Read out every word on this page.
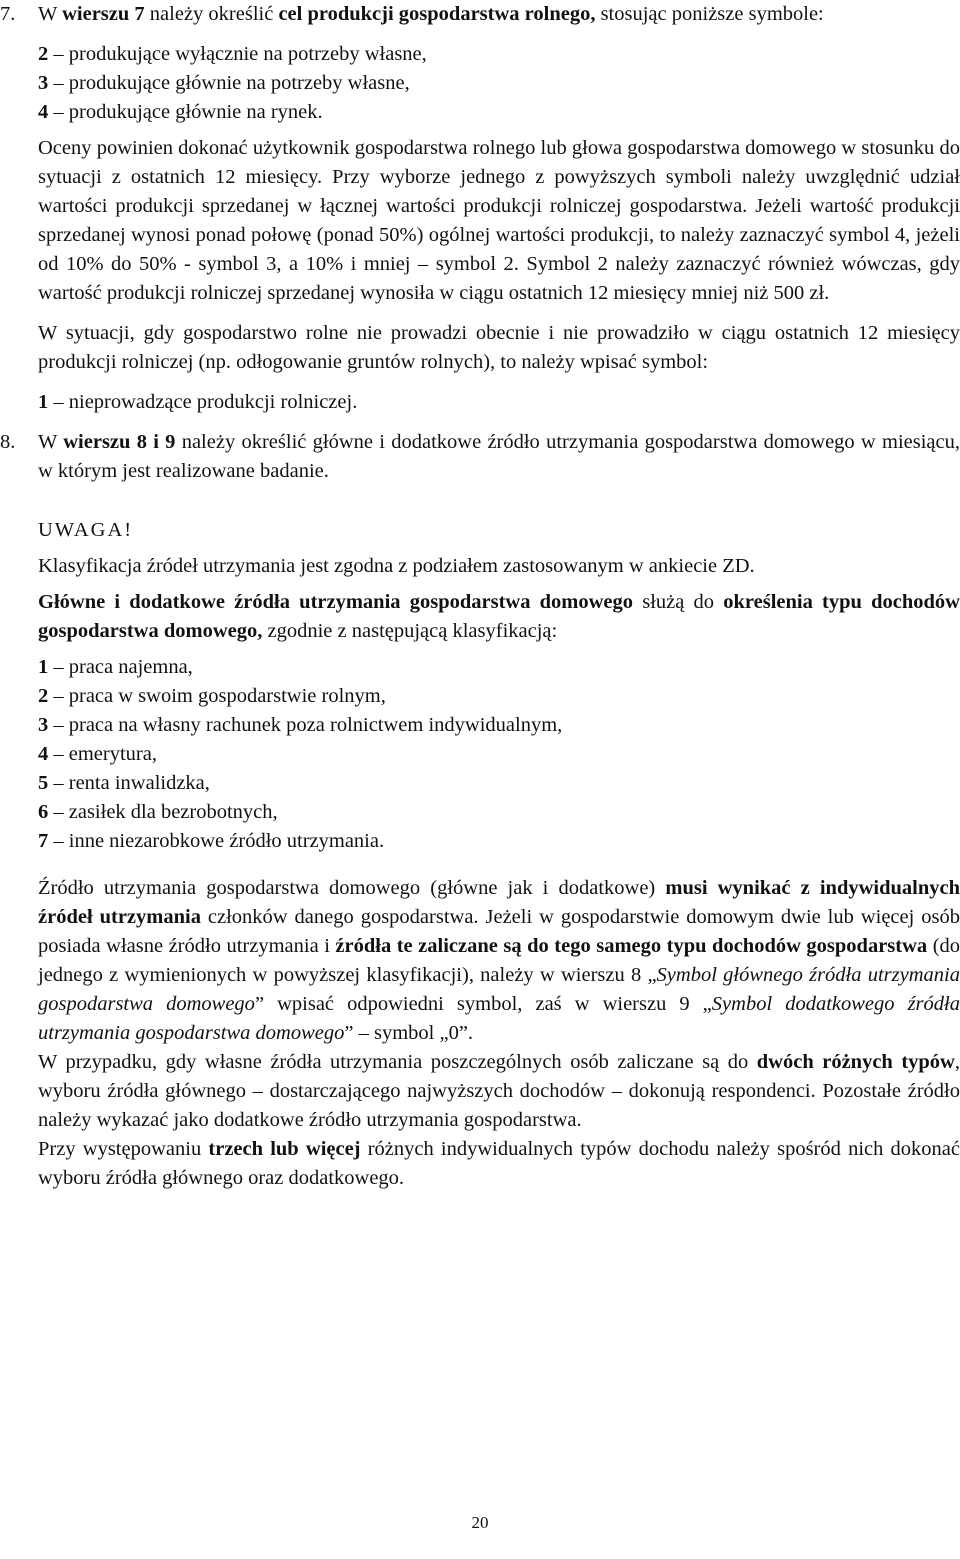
7.	W wierszu 7 należy określić cel produkcji gospodarstwa rolnego, stosując poniższe symbole:

2 – produkujące wyłącznie na potrzeby własne,

3 – produkujące głównie na potrzeby własne,

4 – produkujące głównie na rynek.

Oceny powinien dokonać użytkownik gospodarstwa rolnego lub głowa gospodarstwa domowego w stosunku do sytuacji z ostatnich 12 miesięcy. Przy wyborze jednego z powyższych symboli należy uwzględnić udział wartości produkcji sprzedanej w łącznej wartości produkcji rolniczej gospodarstwa. Jeżeli wartość produkcji sprzedanej wynosi ponad połowę (ponad 50%) ogólnej wartości produkcji, to należy zaznaczyć symbol 4, jeżeli od 10% do 50% - symbol 3, a 10% i mniej – symbol 2. Symbol 2 należy zaznaczyć również wówczas, gdy wartość produkcji rolniczej sprzedanej wynosiła w ciągu ostatnich 12 miesięcy mniej niż 500 zł.

W sytuacji, gdy gospodarstwo rolne nie prowadzi obecnie i nie prowadziło w ciągu ostatnich 12 miesięcy produkcji rolniczej (np. odłogowanie gruntów rolnych), to należy wpisać symbol:

1 – nieprowadzące produkcji rolniczej.

8.	W wierszu 8 i 9 należy określić główne i dodatkowe źródło utrzymania gospodarstwa domowego w miesiącu, w którym jest realizowane badanie.

UWAGA!

Klasyfikacja źródeł utrzymania jest zgodna z podziałem zastosowanym w ankiecie ZD.

Główne i dodatkowe źródła utrzymania gospodarstwa domowego służą do określenia typu dochodów gospodarstwa domowego, zgodnie z następującą klasyfikacją:

1 – praca najemna,

2 – praca w swoim gospodarstwie rolnym,

3 – praca na własny rachunek poza rolnictwem indywidualnym,

4 – emerytura,

5 – renta inwalidzka,

6 – zasiłek dla bezrobotnych,

7 – inne niezarobkowe źródło utrzymania.

Źródło utrzymania gospodarstwa domowego (główne jak i dodatkowe) musi wynikać z indywidualnych źródeł utrzymania członków danego gospodarstwa. Jeżeli w gospodarstwie domowym dwie lub więcej osób posiada własne źródło utrzymania i źródła te zaliczane są do tego samego typu dochodów gospodarstwa (do jednego z wymienionych w powyższej klasyfikacji), należy w wierszu 8 „Symbol głównego źródła utrzymania gospodarstwa domowego” wpisać odpowiedni symbol, zaś w wierszu 9 „Symbol dodatkowego źródła utrzymania gospodarstwa domowego” – symbol „0”.

W przypadku, gdy własne źródła utrzymania poszczególnych osób zaliczane są do dwóch różnych typów, wyboru źródła głównego – dostarczającego najwyższych dochodów – dokonują respondenci. Pozostałe źródło należy wykazać jako dodatkowe źródło utrzymania gospodarstwa.

Przy występowaniu trzech lub więcej różnych indywidualnych typów dochodu należy spośród nich dokonać wyboru źródła głównego oraz dodatkowego.

20
